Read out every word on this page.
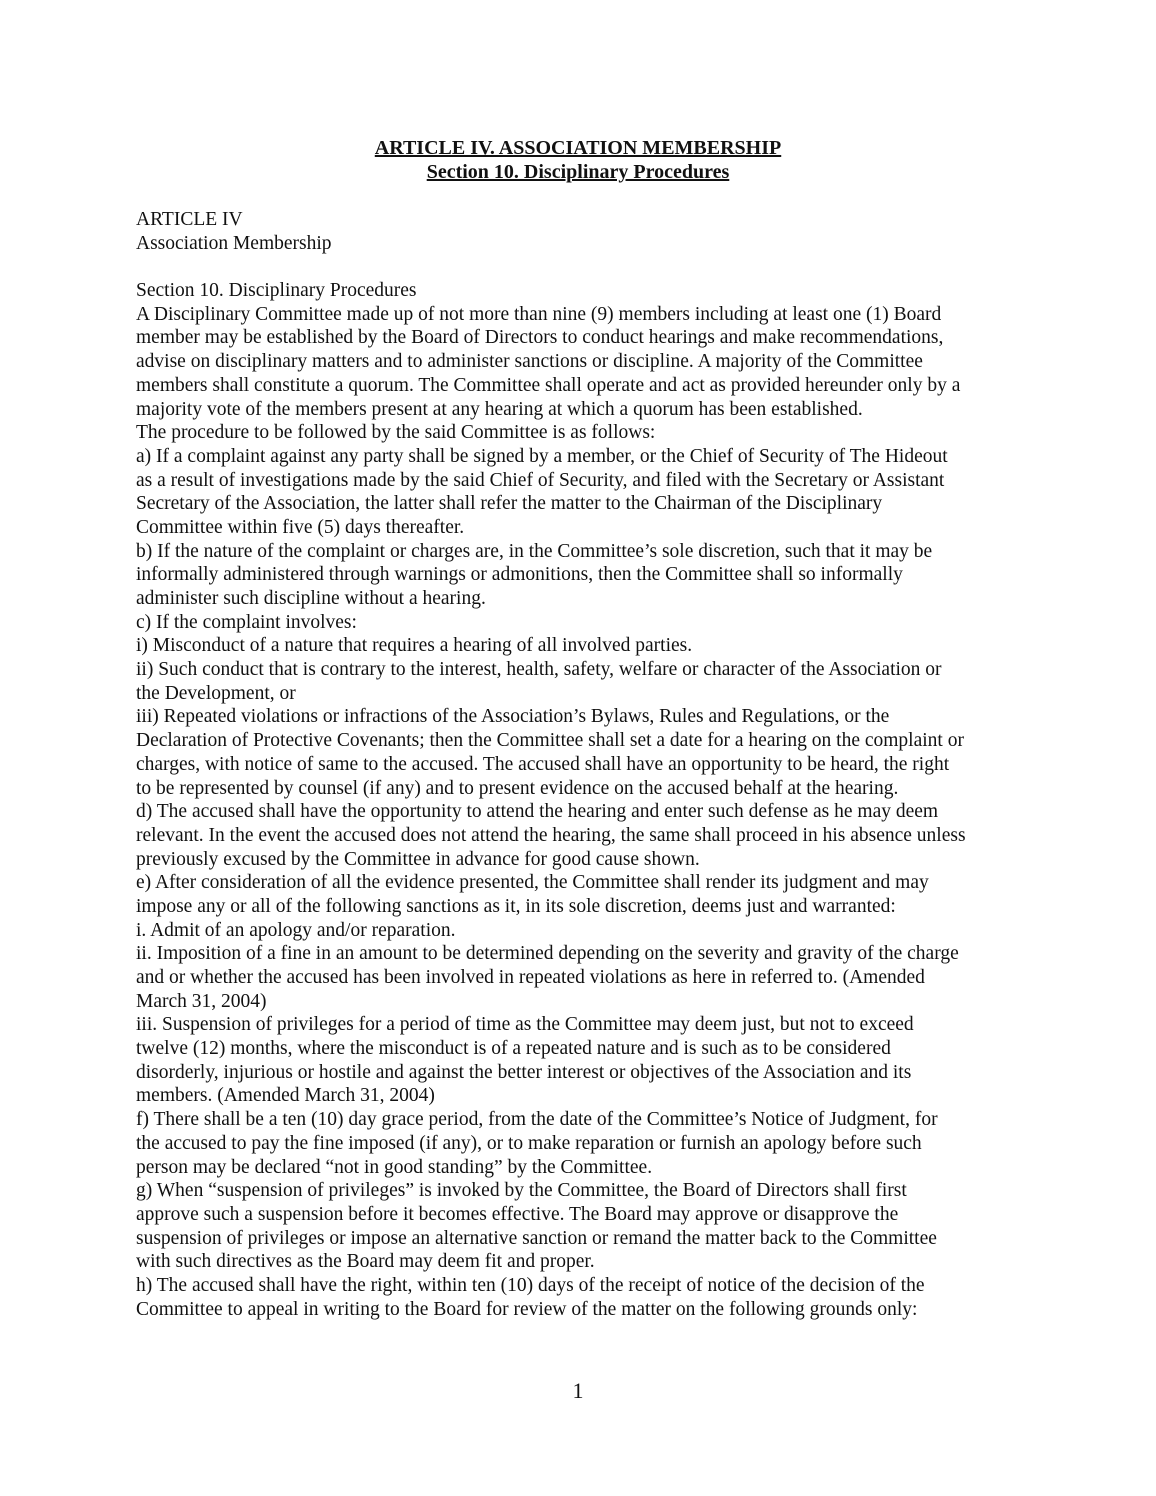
ARTICLE IV. ASSOCIATION MEMBERSHIP
Section 10. Disciplinary Procedures
ARTICLE IV
Association Membership
Section 10. Disciplinary Procedures
A Disciplinary Committee made up of not more than nine (9) members including at least one (1) Board
member may be established by the Board of Directors to conduct hearings and make recommendations,
advise on disciplinary matters and to administer sanctions or discipline. A majority of the Committee
members shall constitute a quorum. The Committee shall operate and act as provided hereunder only by a
majority vote of the members present at any hearing at which a quorum has been established.
The procedure to be followed by the said Committee is as follows:
a) If a complaint against any party shall be signed by a member, or the Chief of Security of The Hideout
as a result of investigations made by the said Chief of Security, and filed with the Secretary or Assistant
Secretary of the Association, the latter shall refer the matter to the Chairman of the Disciplinary
Committee within five (5) days thereafter.
b) If the nature of the complaint or charges are, in the Committee’s sole discretion, such that it may be
informally administered through warnings or admonitions, then the Committee shall so informally
administer such discipline without a hearing.
c) If the complaint involves:
i) Misconduct of a nature that requires a hearing of all involved parties.
ii) Such conduct that is contrary to the interest, health, safety, welfare or character of the Association or
the Development, or
iii) Repeated violations or infractions of the Association’s Bylaws, Rules and Regulations, or the
Declaration of Protective Covenants; then the Committee shall set a date for a hearing on the complaint or
charges, with notice of same to the accused. The accused shall have an opportunity to be heard, the right
to be represented by counsel (if any) and to present evidence on the accused behalf at the hearing.
d) The accused shall have the opportunity to attend the hearing and enter such defense as he may deem
relevant. In the event the accused does not attend the hearing, the same shall proceed in his absence unless
previously excused by the Committee in advance for good cause shown.
e) After consideration of all the evidence presented, the Committee shall render its judgment and may
impose any or all of the following sanctions as it, in its sole discretion, deems just and warranted:
i. Admit of an apology and/or reparation.
ii. Imposition of a fine in an amount to be determined depending on the severity and gravity of the charge
and or whether the accused has been involved in repeated violations as here in referred to. (Amended
March 31, 2004)
iii. Suspension of privileges for a period of time as the Committee may deem just, but not to exceed
twelve (12) months, where the misconduct is of a repeated nature and is such as to be considered
disorderly, injurious or hostile and against the better interest or objectives of the Association and its
members. (Amended March 31, 2004)
f) There shall be a ten (10) day grace period, from the date of the Committee’s Notice of Judgment, for
the accused to pay the fine imposed (if any), or to make reparation or furnish an apology before such
person may be declared “not in good standing” by the Committee.
g) When “suspension of privileges” is invoked by the Committee, the Board of Directors shall first
approve such a suspension before it becomes effective. The Board may approve or disapprove the
suspension of privileges or impose an alternative sanction or remand the matter back to the Committee
with such directives as the Board may deem fit and proper.
h) The accused shall have the right, within ten (10) days of the receipt of notice of the decision of the
Committee to appeal in writing to the Board for review of the matter on the following grounds only:
1
